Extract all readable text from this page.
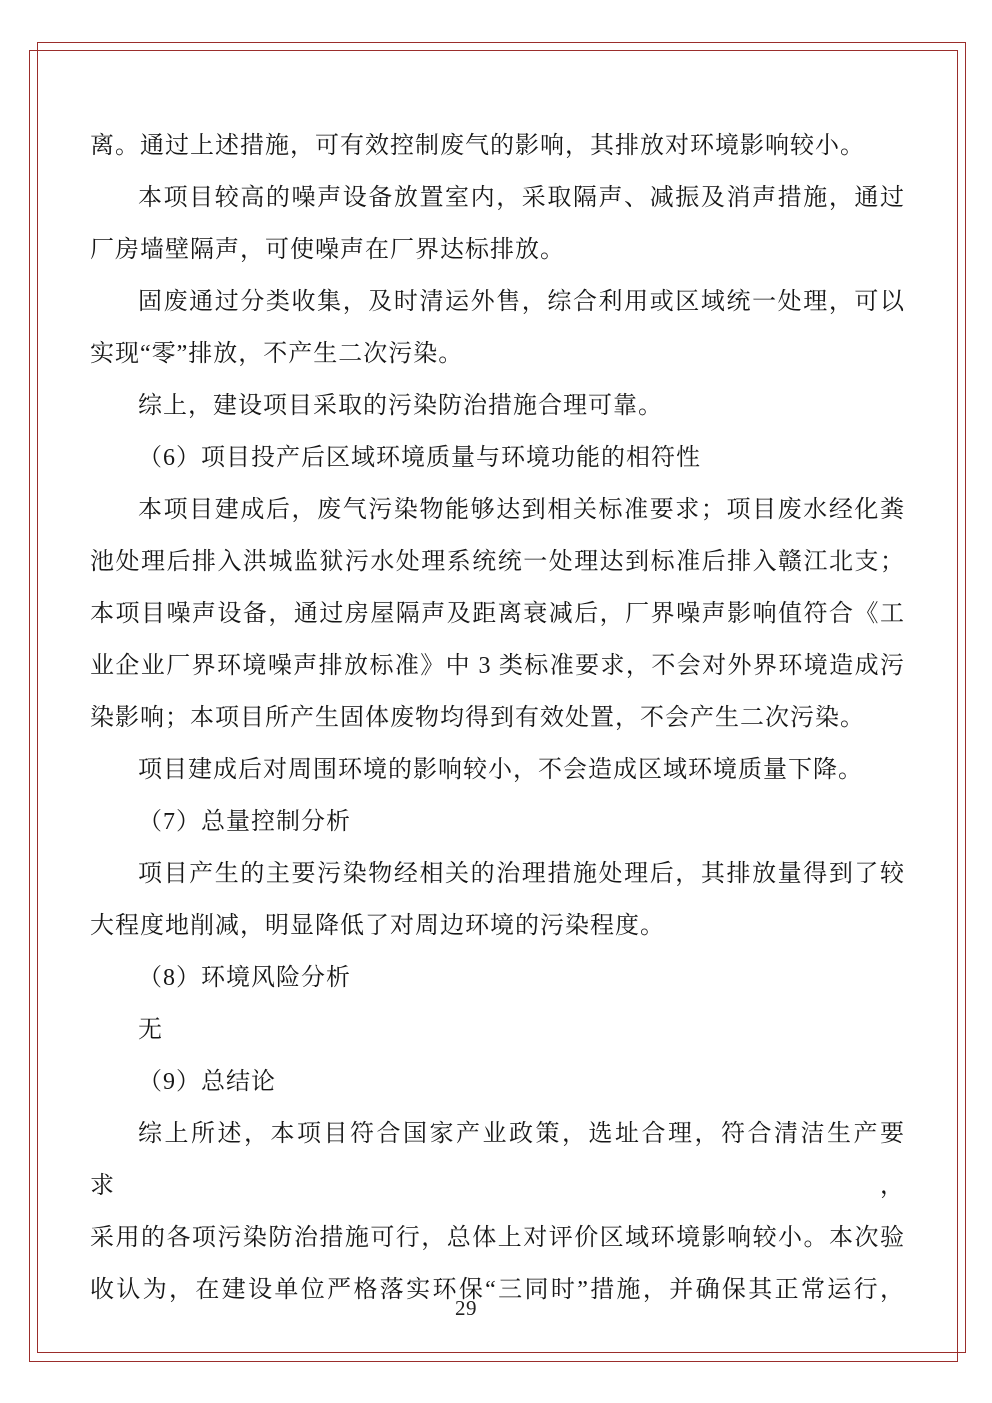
离。通过上述措施，可有效控制废气的影响，其排放对环境影响较小。
本项目较高的噪声设备放置室内，采取隔声、减振及消声措施，通过
厂房墙壁隔声，可使噪声在厂界达标排放。
固废通过分类收集，及时清运外售，综合利用或区域统一处理，可以
实现“零”排放，不产生二次污染。
综上，建设项目采取的污染防治措施合理可靠。
（6）项目投产后区域环境质量与环境功能的相符性
本项目建成后，废气污染物能够达到相关标准要求；项目废水经化粪
池处理后排入洪城监狱污水处理系统统一处理达到标准后排入赣江北支；
本项目噪声设备，通过房屋隔声及距离衰减后，厂界噪声影响值符合《工
业企业厂界环境噪声排放标准》中 3 类标准要求，不会对外界环境造成污
染影响；本项目所产生固体废物均得到有效处置，不会产生二次污染。
项目建成后对周围环境的影响较小，不会造成区域环境质量下降。
（7）总量控制分析
项目产生的主要污染物经相关的治理措施处理后，其排放量得到了较
大程度地削减，明显降低了对周边环境的污染程度。
（8）环境风险分析
无
（9）总结论
综上所述，本项目符合国家产业政策，选址合理，符合清洁生产要求，
采用的各项污染防治措施可行，总体上对评价区域环境影响较小。本次验
收认为，在建设单位严格落实环保“三同时”措施，并确保其正常运行，
29
